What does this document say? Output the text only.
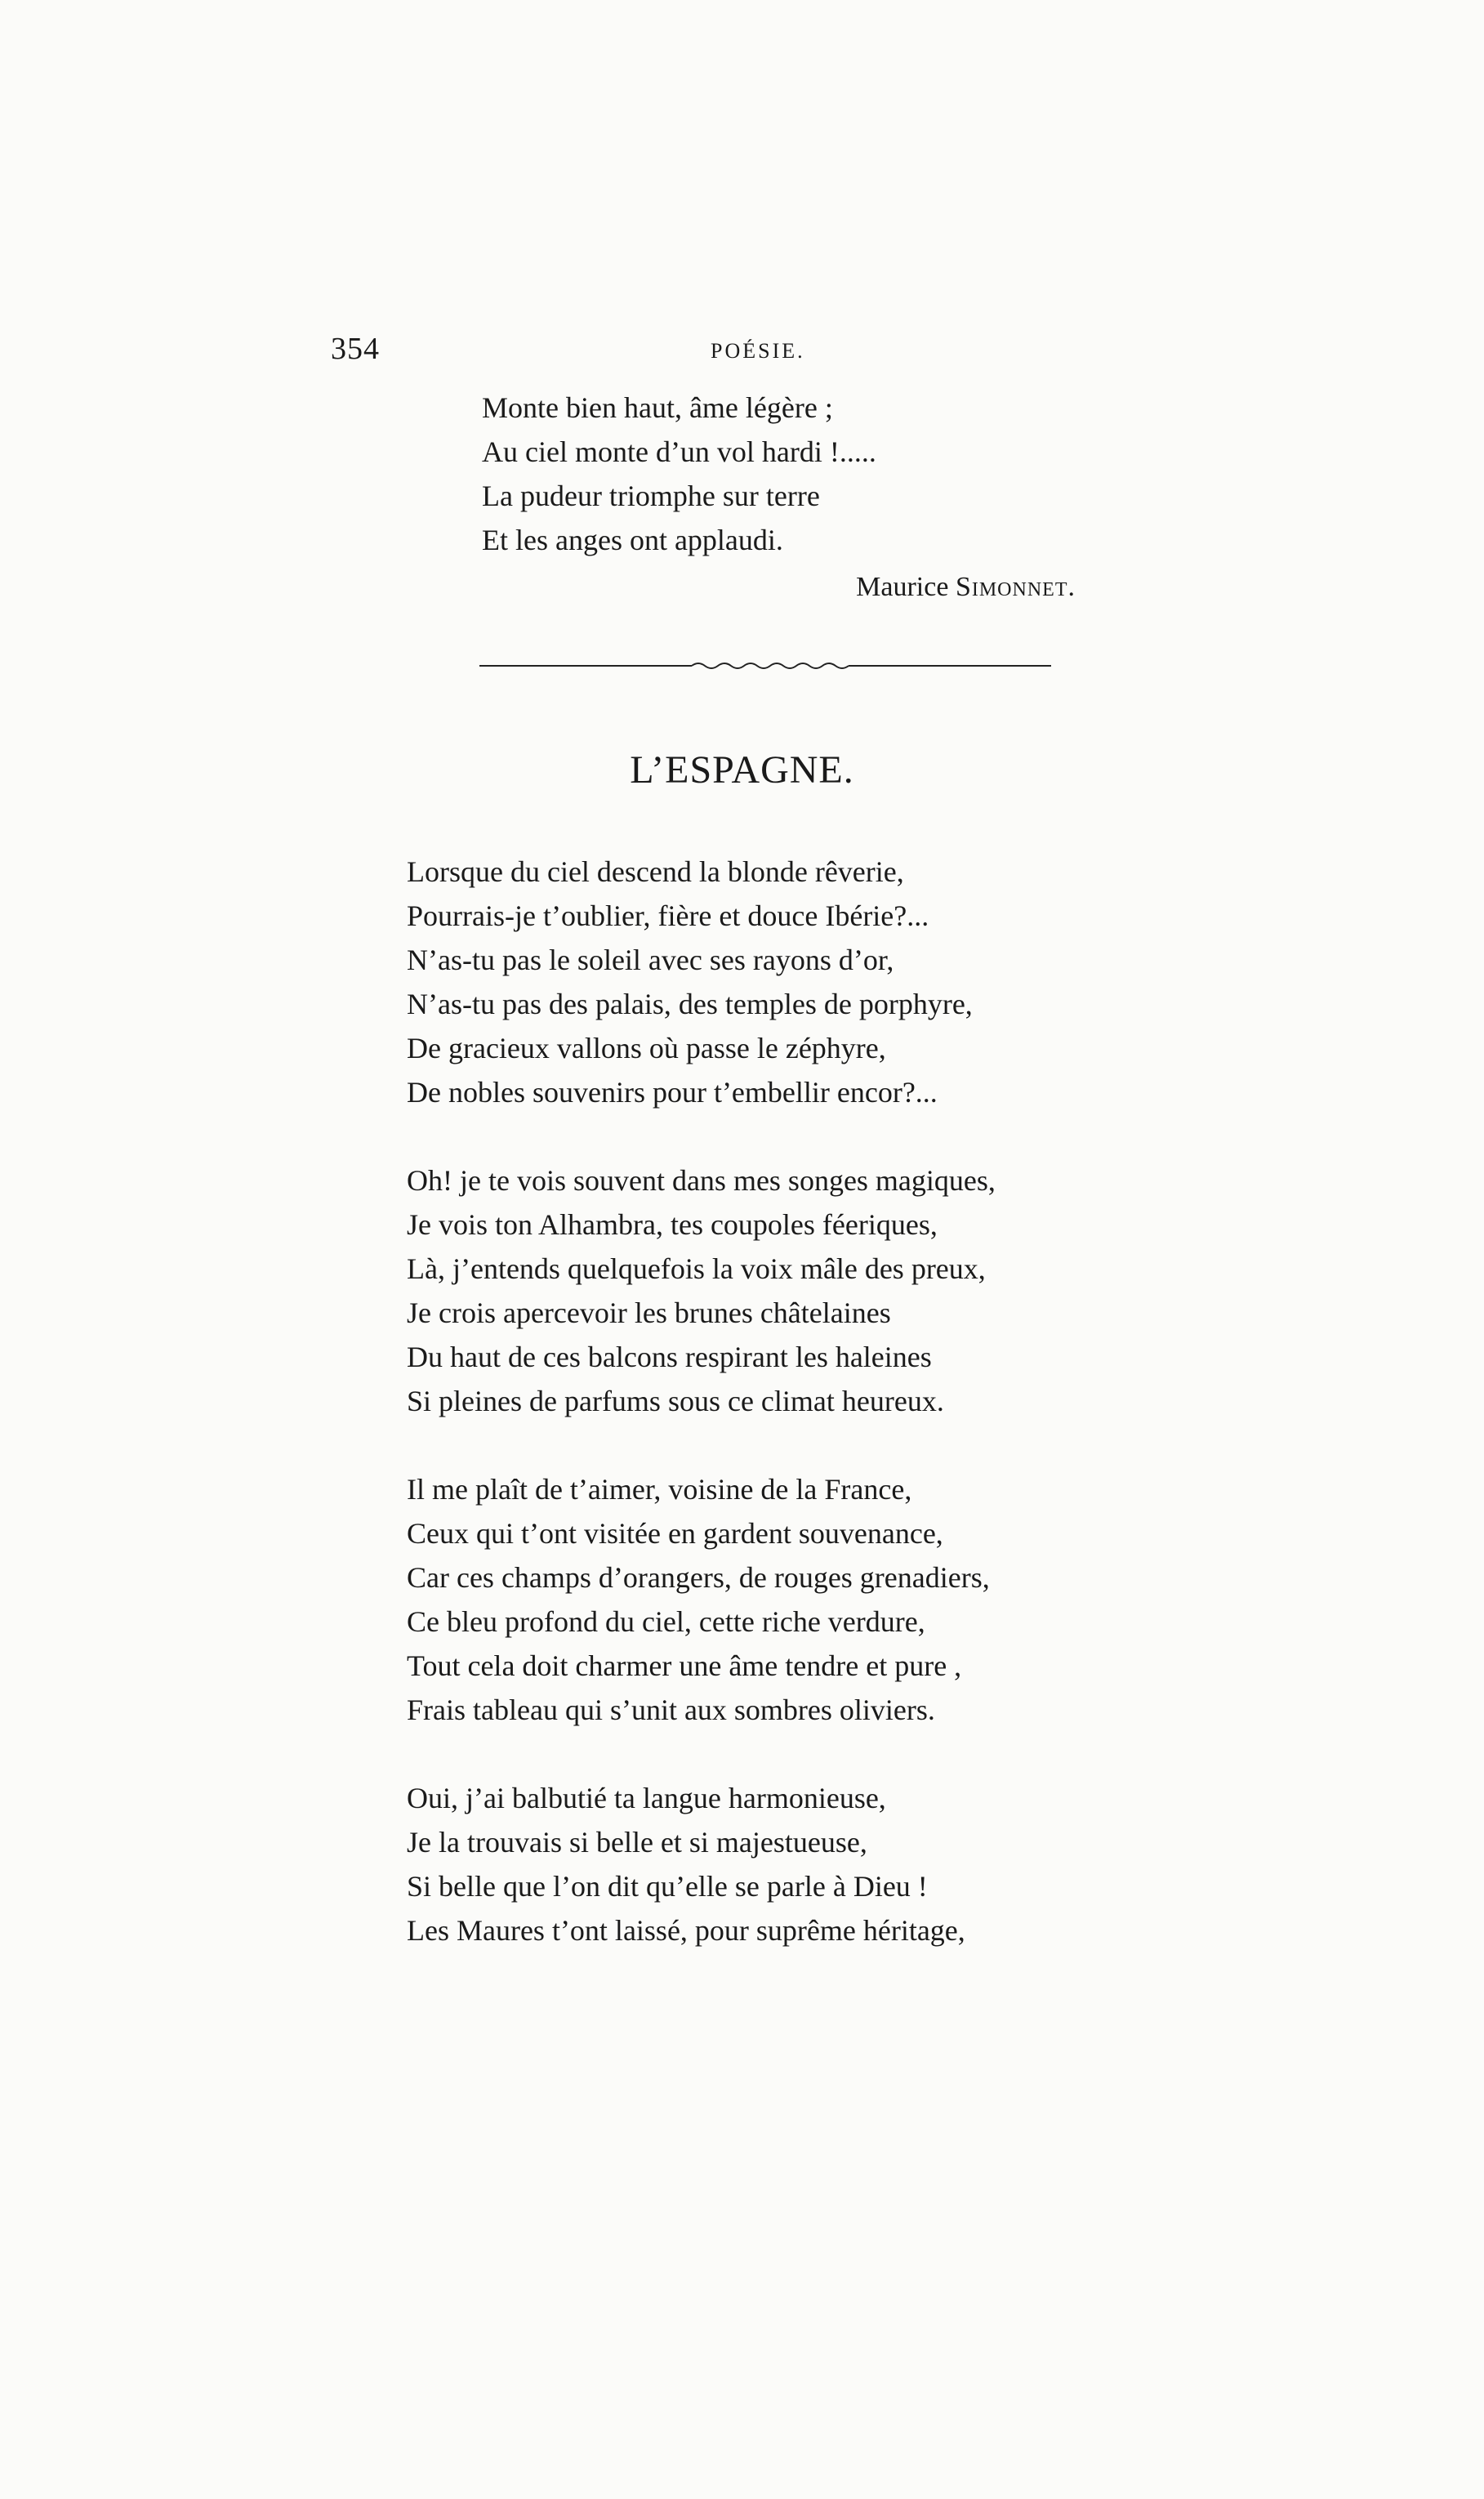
354	POÉSIE.
Monte bien haut, âme légère ;
Au ciel monte d’un vol hardi !.....
La pudeur triomphe sur terre
Et les anges ont applaudi.
Maurice Simonnet.
L’ESPAGNE.
Lorsque du ciel descend la blonde rêverie,
Pourrais-je t’oublier, fière et douce Ibérie?...
N’as-tu pas le soleil avec ses rayons d’or,
N’as-tu pas des palais, des temples de porphyre,
De gracieux vallons où passe le zéphyre,
De nobles souvenirs pour t’embellir encor?...
Oh! je te vois souvent dans mes songes magiques,
Je vois ton Alhambra, tes coupoles féeriques,
Là, j’entends quelquefois la voix mâle des preux,
Je crois apercevoir les brunes châtelaines
Du haut de ces balcons respirant les haleines
Si pleines de parfums sous ce climat heureux.
Il me plaît de t’aimer, voisine de la France,
Ceux qui t’ont visitée en gardent souvenance,
Car ces champs d’orangers, de rouges grenadiers,
Ce bleu profond du ciel, cette riche verdure,
Tout cela doit charmer une âme tendre et pure ,
Frais tableau qui s’unit aux sombres oliviers.
Oui, j’ai balbutié ta langue harmonieuse,
Je la trouvais si belle et si majestueuse,
Si belle que l’on dit qu’elle se parle à Dieu !
Les Maures t’ont laissé, pour suprême héritage,
